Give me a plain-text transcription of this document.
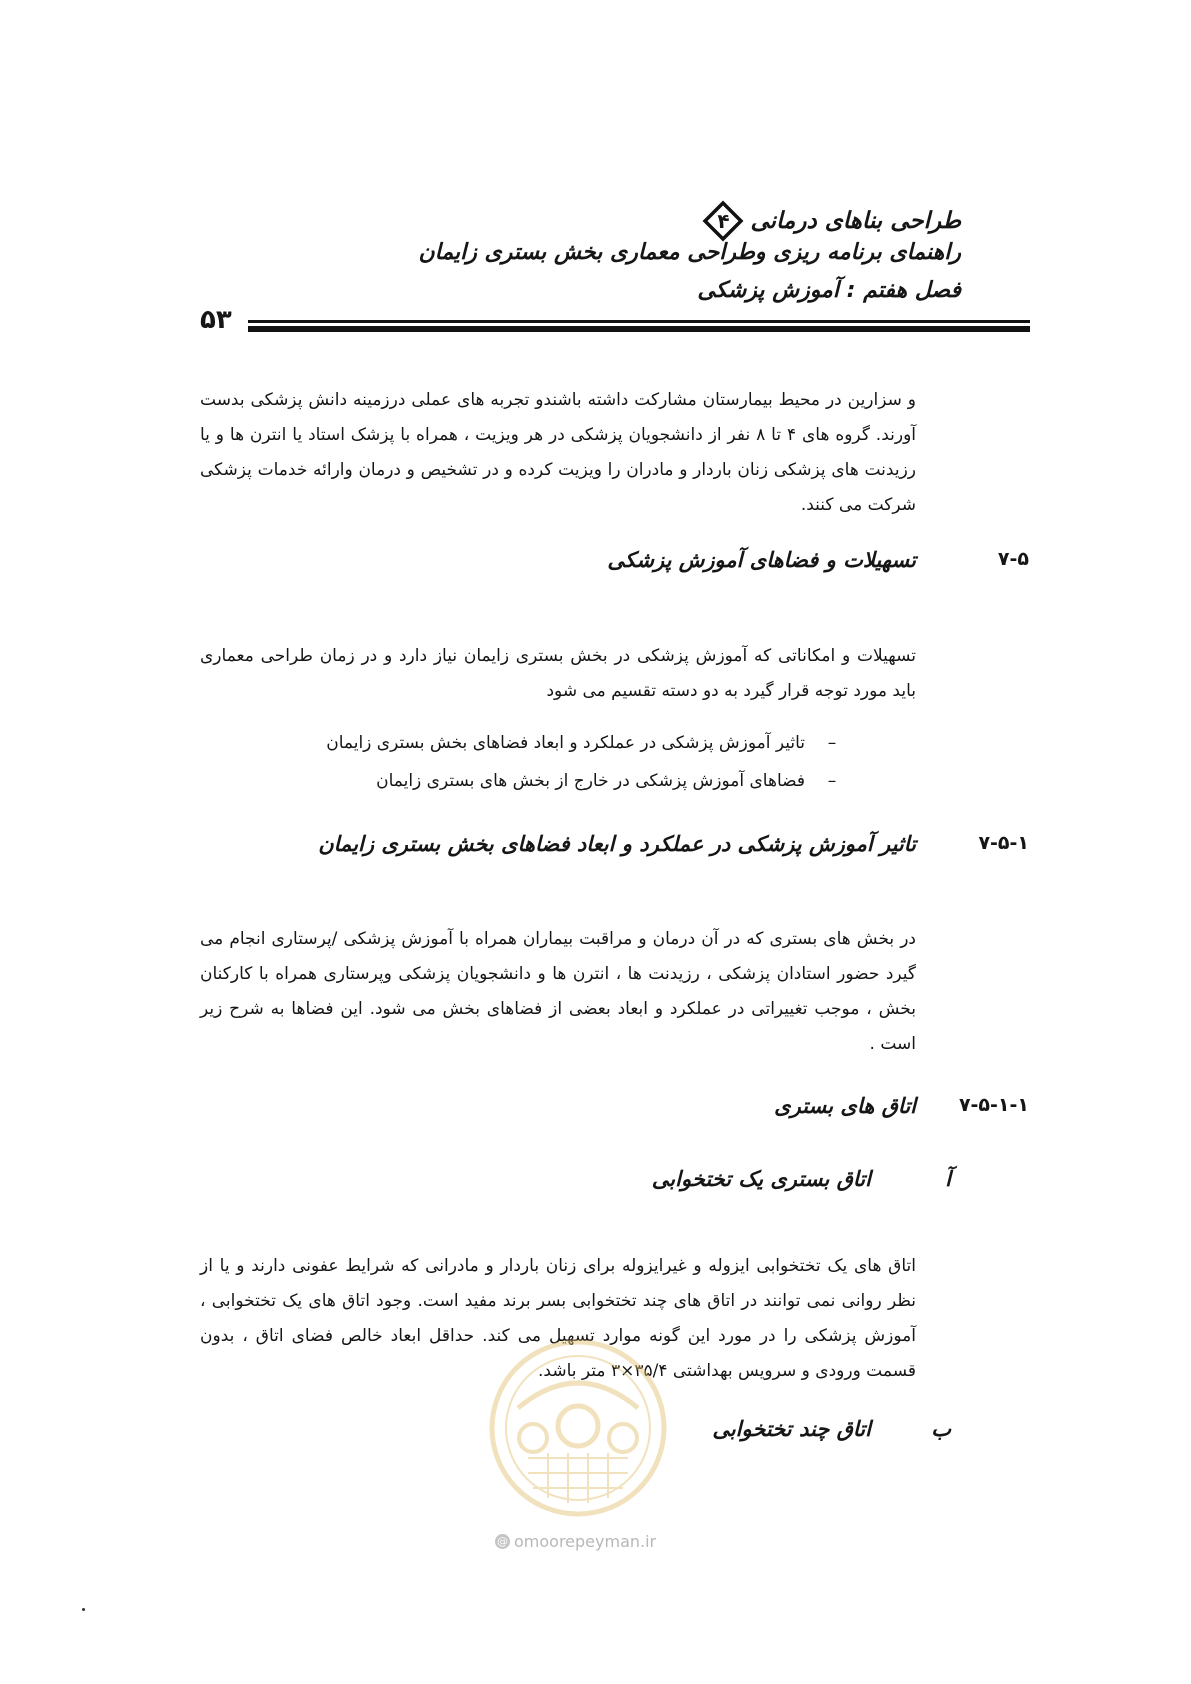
طراحی بناهای درمانی
۴
راهنمای برنامه ریزی وطراحی معماری بخش بستری زایمان
فصل هفتم : آموزش پزشکی
۵۳

و سزارین در محیط بیمارستان مشارکت داشته باشندو تجربه های عملی درزمینه دانش پزشکی بدست آورند. گروه های ۴ تا ۸ نفر از دانشجویان پزشکی در هر ویزیت ، همراه با پزشک استاد یا انترن ها و یا رزیدنت های پزشکی زنان باردار و مادران را ویزیت کرده و در تشخیص و درمان وارائه خدمات پزشکی شرکت می کنند.

تسهیلات و فضاهای آموزش پزشکی	۷-۵

تسهیلات و امکاناتی که آموزش پزشکی در بخش بستری زایمان نیاز دارد و در زمان طراحی معماری باید مورد توجه قرار گیرد به دو دسته تقسیم می شود

–
تاثیر آموزش پزشکی در عملکرد و ابعاد فضاهای بخش بستری زایمان
–
فضاهای آموزش پزشکی در خارج از بخش های بستری زایمان
تاثیر آموزش پزشکی در عملکرد و ابعاد فضاهای بخش بستری زایمان	۷-۵-۱

در بخش های بستری که در آن درمان و مراقبت بیماران همراه با آموزش پزشکی /پرستاری انجام می گیرد حضور استادان پزشکی ، رزیدنت ها ، انترن ها و دانشجویان پزشکی وپرستاری همراه با کارکنان بخش ، موجب تغییراتی در عملکرد و ابعاد بعضی از فضاهای بخش می شود. این فضاها به شرح زیر است .

اتاق های بستری ۷-۵-۱-۱
اتاق بستری یک تختخوابی	آ

اتاق های یک تختخوابی ایزوله و غیرایزوله برای زنان باردار و مادرانی که شرایط عفونی دارند و یا از نظر روانی نمی توانند در اتاق های چند تختخوابی بسر برند مفید است. وجود اتاق های یک تختخوابی ، آموزش پزشکی را در مورد این گونه موارد تسهیل می کند. حداقل ابعاد خالص فضای اتاق ، بدون قسمت ورودی و سرویس بهداشتی ۳۵/۴×۳ متر باشد.

اتاق چند تختخوابی	ب
@ omoorepeyman.ir
